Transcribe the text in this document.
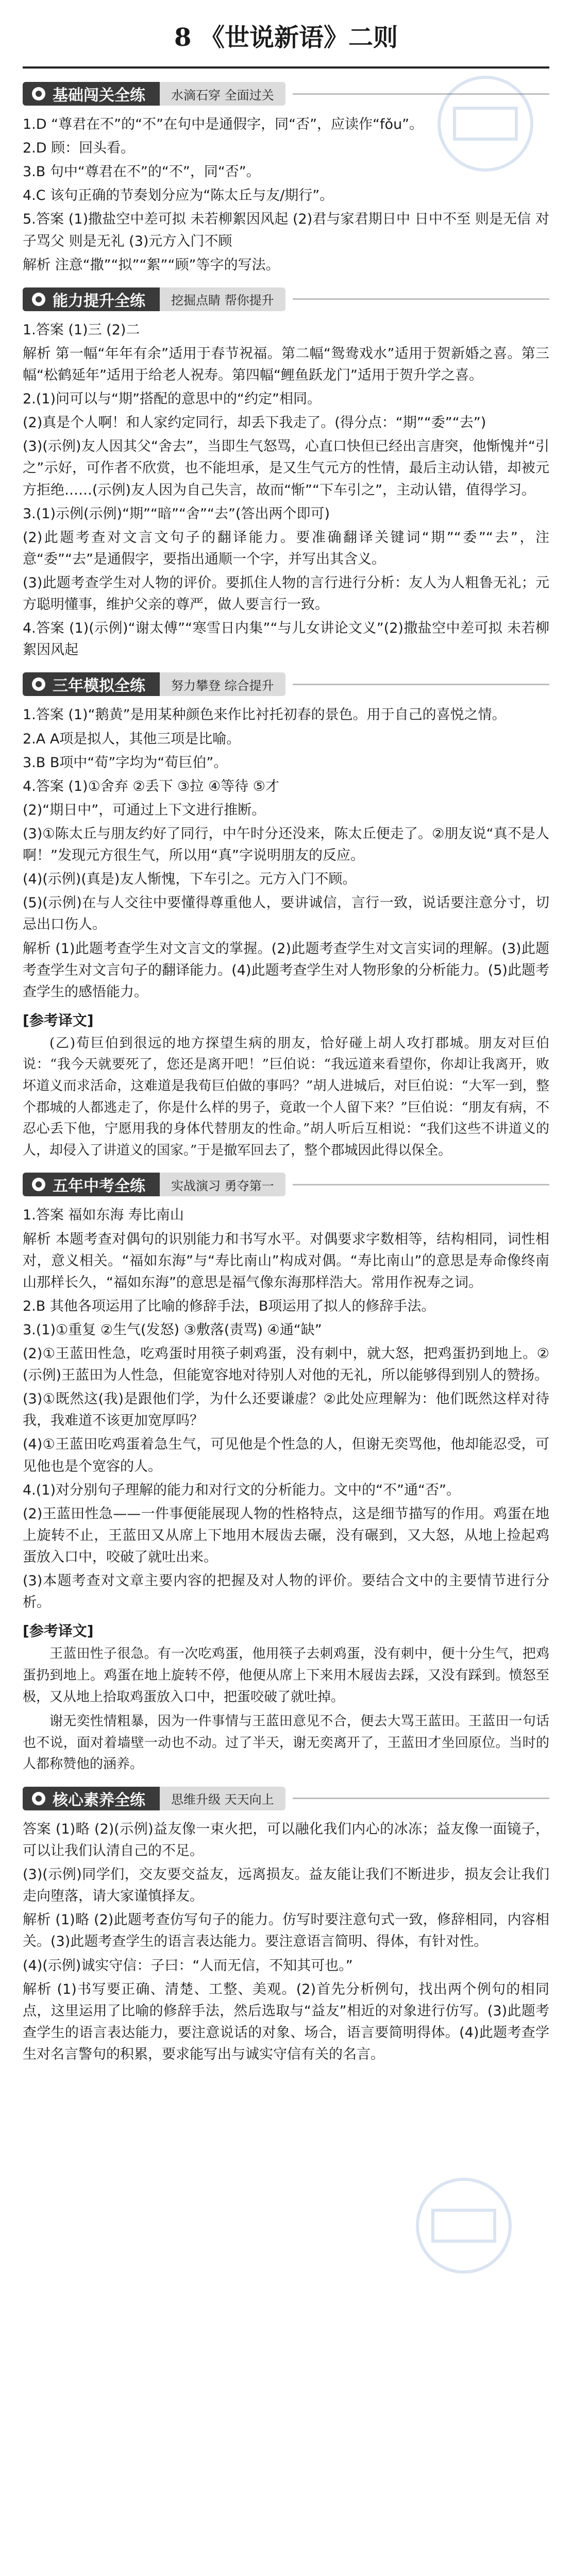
8 《世说新语》二则
基础闯关全练	水滴石穿 全面过关

1.D “尊君在不”的“不”在句中是通假字，同“否”，应读作“fǒu”。

2.D 顾：回头看。

3.B 句中“尊君在不”的“不”，同“否”。

4.C 该句正确的节奏划分应为“陈太丘与友/期行”。

5.答案 (1)撒盐空中差可拟 未若柳絮因风起 (2)君与家君期日中 日中不至 则是无信 对子骂父 则是无礼 (3)元方入门不顾

解析 注意“撒”“拟”“絮”“顾”等字的写法。

能力提升全练	挖掘点睛 帮你提升

1.答案 (1)三 (2)二

解析 第一幅“年年有余”适用于春节祝福。第二幅“鸳鸯戏水”适用于贺新婚之喜。第三幅“松鹤延年”适用于给老人祝寿。第四幅“鲤鱼跃龙门”适用于贺升学之喜。

2.(1)问可以与“期”搭配的意思中的“约定”相同。

(2)真是个人啊！和人家约定同行，却丢下我走了。(得分点：“期”“委”“去”)

(3)(示例)友人因其父“舍去”，当即生气怒骂，心直口快但已经出言唐突，他惭愧并“引之”示好，可作者不欣赏，也不能坦承，是又生气元方的性情，最后主动认错，却被元方拒绝……(示例)友人因为自己失言，故而“惭”“下车引之”，主动认错，值得学习。

3.(1)示例(示例)“期”“暗”“舍”“去”(答出两个即可)

(2)此题考查对文言文句子的翻译能力。要准确翻译关键词“期”“委”“去”，注意“委”“去”是通假字，要指出通顺一个字，并写出其含义。

(3)此题考查学生对人物的评价。要抓住人物的言行进行分析：友人为人粗鲁无礼；元方聪明懂事，维护父亲的尊严，做人要言行一致。

4.答案 (1)(示例)“谢太傅”“寒雪日内集”“与儿女讲论文义”(2)撒盐空中差可拟 未若柳絮因风起

三年模拟全练	努力攀登 综合提升

1.答案 (1)“鹅黄”是用某种颜色来作比衬托初春的景色。用于自己的喜悦之情。

2.A A项是拟人，其他三项是比喻。

3.B B项中“荀”字均为“荀巨伯”。

4.答案 (1)①舍弃 ②丢下 ③拉 ④等待 ⑤才

(2)“期日中”，可通过上下文进行推断。

(3)①陈太丘与朋友约好了同行，中午时分还没来，陈太丘便走了。②朋友说“真不是人啊！”发现元方很生气，所以用“真”字说明朋友的反应。

(4)(示例)(真是)友人惭愧，下车引之。元方入门不顾。

(5)(示例)在与人交往中要懂得尊重他人，要讲诚信，言行一致，说话要注意分寸，切忌出口伤人。

解析 (1)此题考查学生对文言文的掌握。(2)此题考查学生对文言实词的理解。(3)此题考查学生对文言句子的翻译能力。(4)此题考查学生对人物形象的分析能力。(5)此题考查学生的感悟能力。

[参考译文]

(乙)荀巨伯到很远的地方探望生病的朋友，恰好碰上胡人攻打郡城。朋友对巨伯说：“我今天就要死了，您还是离开吧！”巨伯说：“我远道来看望你，你却让我离开，败坏道义而求活命，这难道是我荀巨伯做的事吗？”胡人进城后，对巨伯说：“大军一到，整个郡城的人都逃走了，你是什么样的男子，竟敢一个人留下来？”巨伯说：“朋友有病，不忍心丢下他，宁愿用我的身体代替朋友的性命。”胡人听后互相说：“我们这些不讲道义的人，却侵入了讲道义的国家。”于是撤军回去了，整个郡城因此得以保全。

五年中考全练	实战演习 勇夺第一

1.答案 福如东海 寿比南山

解析 本题考查对偶句的识别能力和书写水平。对偶要求字数相等，结构相同，词性相对，意义相关。“福如东海”与“寿比南山”构成对偶。“寿比南山”的意思是寿命像终南山那样长久，“福如东海”的意思是福气像东海那样浩大。常用作祝寿之词。

2.B 其他各项运用了比喻的修辞手法，B项运用了拟人的修辞手法。

3.(1)①重复 ②生气(发怒) ③敷落(责骂) ④通“缺”

(2)①王蓝田性急，吃鸡蛋时用筷子刺鸡蛋，没有刺中，就大怒，把鸡蛋扔到地上。②(示例)王蓝田为人性急，但能宽容地对待别人对他的无礼，所以能够得到别人的赞扬。

(3)①既然这(我)是跟他们学，为什么还要谦虚？②此处应理解为：他们既然这样对待我，我难道不该更加宽厚吗？

(4)①王蓝田吃鸡蛋着急生气，可见他是个性急的人，但谢无奕骂他，他却能忍受，可见他也是个宽容的人。

4.(1)对分别句子理解的能力和对行文的分析能力。文中的“不”通“否”。

(2)王蓝田性急——一件事便能展现人物的性格特点，这是细节描写的作用。鸡蛋在地上旋转不止，王蓝田又从席上下地用木屐齿去碾，没有碾到，又大怒，从地上捡起鸡蛋放入口中，咬破了就吐出来。

(3)本题考查对文章主要内容的把握及对人物的评价。要结合文中的主要情节进行分析。

[参考译文]

王蓝田性子很急。有一次吃鸡蛋，他用筷子去刺鸡蛋，没有刺中，便十分生气，把鸡蛋扔到地上。鸡蛋在地上旋转不停，他便从席上下来用木屐齿去踩，又没有踩到。愤怒至极，又从地上拾取鸡蛋放入口中，把蛋咬破了就吐掉。

谢无奕性情粗暴，因为一件事情与王蓝田意见不合，便去大骂王蓝田。王蓝田一句话也不说，面对着墙壁一动也不动。过了半天，谢无奕离开了，王蓝田才坐回原位。当时的人都称赞他的涵养。

核心素养全练	思维升级 天天向上

答案 (1)略 (2)(示例)益友像一束火把，可以融化我们内心的冰冻；益友像一面镜子，可以让我们认清自己的不足。

(3)(示例)同学们，交友要交益友，远离损友。益友能让我们不断进步，损友会让我们走向堕落，请大家谨慎择友。

解析 (1)略 (2)此题考查仿写句子的能力。仿写时要注意句式一致，修辞相同，内容相关。(3)此题考查学生的语言表达能力。要注意语言简明、得体，有针对性。

(4)(示例)诚实守信：子曰：“人而无信，不知其可也。”

解析 (1)书写要正确、清楚、工整、美观。(2)首先分析例句，找出两个例句的相同点，这里运用了比喻的修辞手法，然后选取与“益友”相近的对象进行仿写。(3)此题考查学生的语言表达能力，要注意说话的对象、场合，语言要简明得体。(4)此题考查学生对名言警句的积累，要求能写出与诚实守信有关的名言。
